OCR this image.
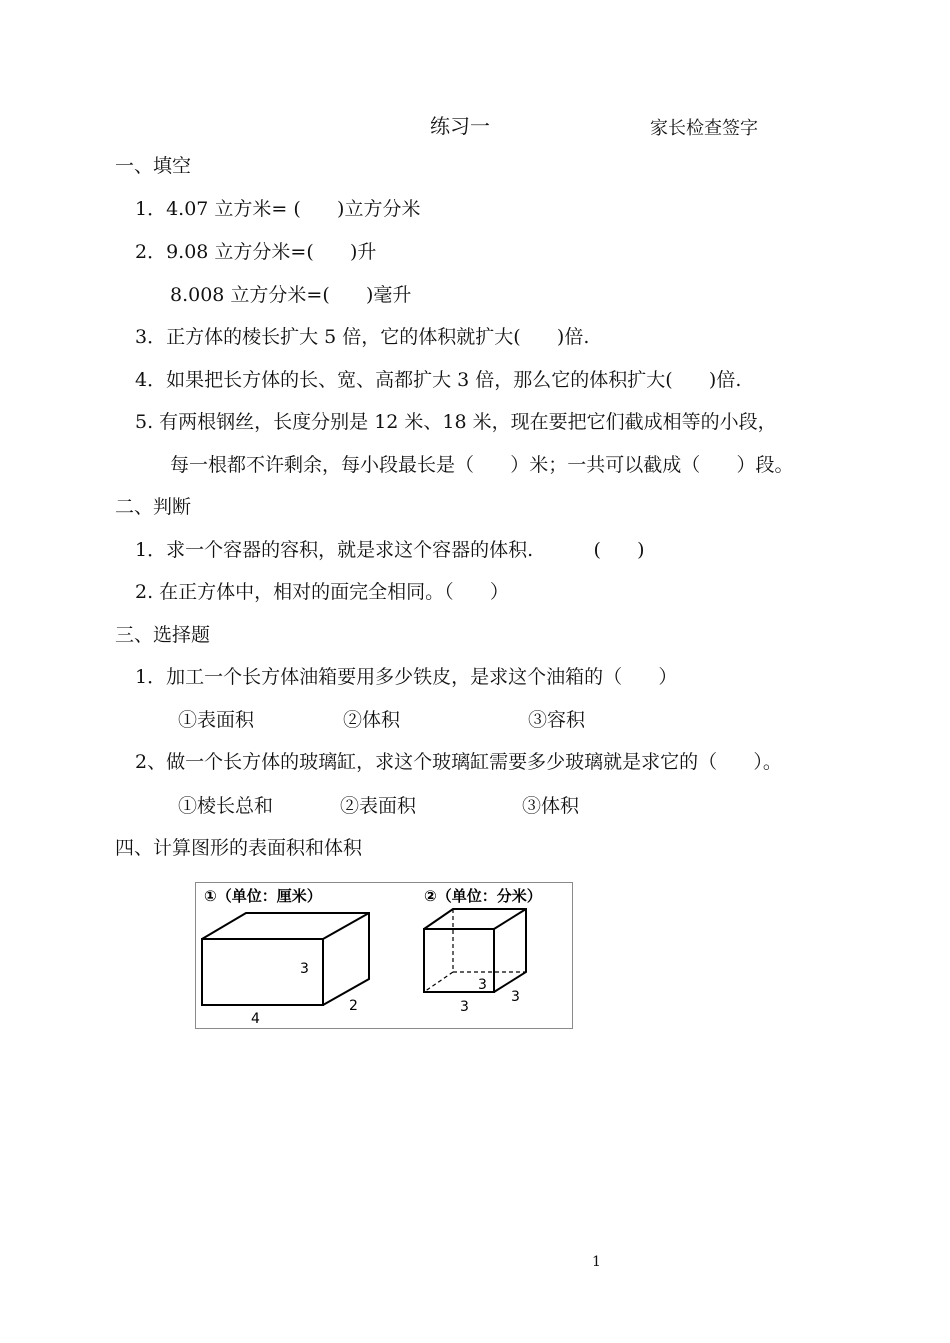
练习一	家长检查签字
一、填空
1．4.07 立方米= (      )立方分米
2．9.08 立方分米=(      )升
8.008 立方分米=(      )毫升
3．正方体的棱长扩大 5 倍，它的体积就扩大(      )倍.
4．如果把长方体的长、宽、高都扩大 3 倍，那么它的体积扩大(      )倍.
5. 有两根钢丝，长度分别是 12 米、18 米，现在要把它们截成相等的小段，
每一根都不许剩余，每小段最长是（      ）米；一共可以截成（      ）段。
二、判断
1．求一个容器的容积，就是求这个容器的体积.          (      )
2. 在正方体中，相对的面完全相同。（      ）
三、选择题
1．加工一个长方体油箱要用多少铁皮，是求这个油箱的（      ）
①表面积	②体积	③容积
2、做一个长方体的玻璃缸，求这个玻璃缸需要多少玻璃就是求它的（      ）。
①棱长总和	②表面积	③体积
四、计算图形的表面积和体积
①（单位：厘米）
3
2
4
②（单位：分米）
3
3
3
1
